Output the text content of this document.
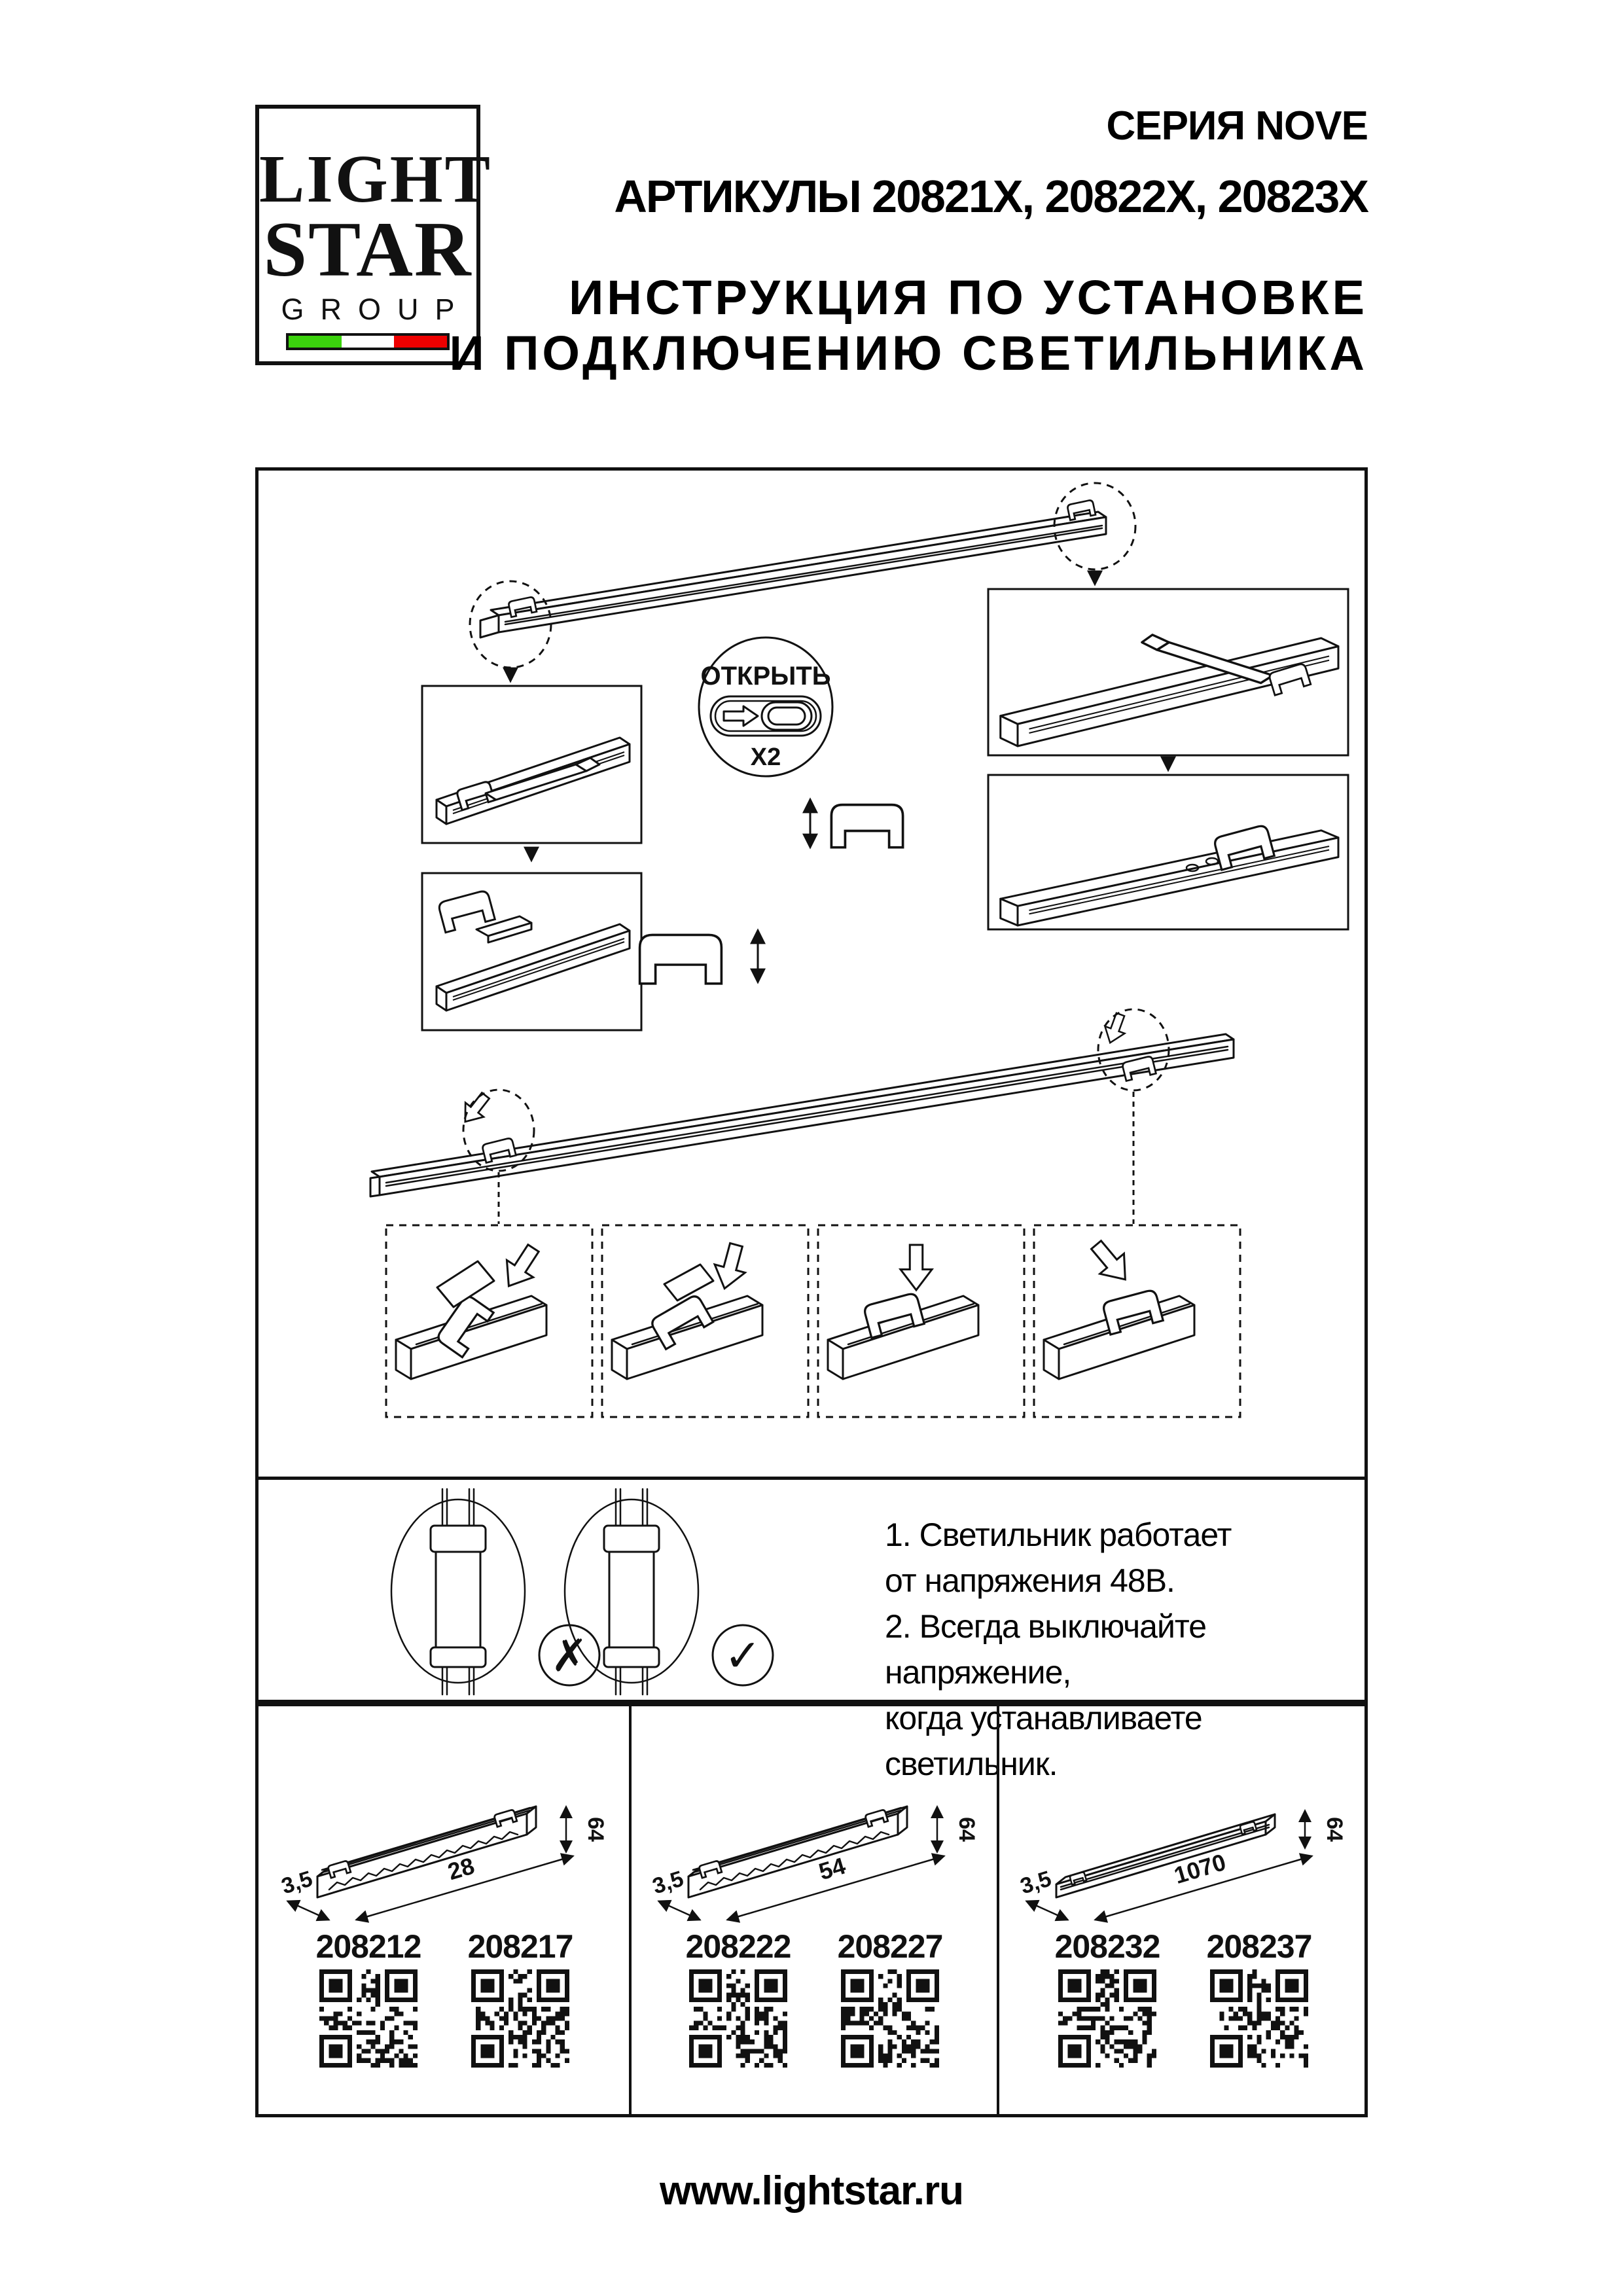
LIGHT
STAR
GROUP
СЕРИЯ NOVE
АРТИКУЛЫ 20821X, 20822X, 20823X
ИНСТРУКЦИЯ ПО УСТАНОВКЕ
И ПОДКЛЮЧЕНИЮ СВЕТИЛЬНИКА
ОТКРЫТЬ
X2
✗	✓
1. Светильник работает
от напряжения 48В.
2. Всегда выключайте напряжение,
когда устанавливаете светильник.
64
28
3,5
208212 208217
64
54
3,5
208222 208227
64
1070
3,5
208232 208237
www.lightstar.ru
